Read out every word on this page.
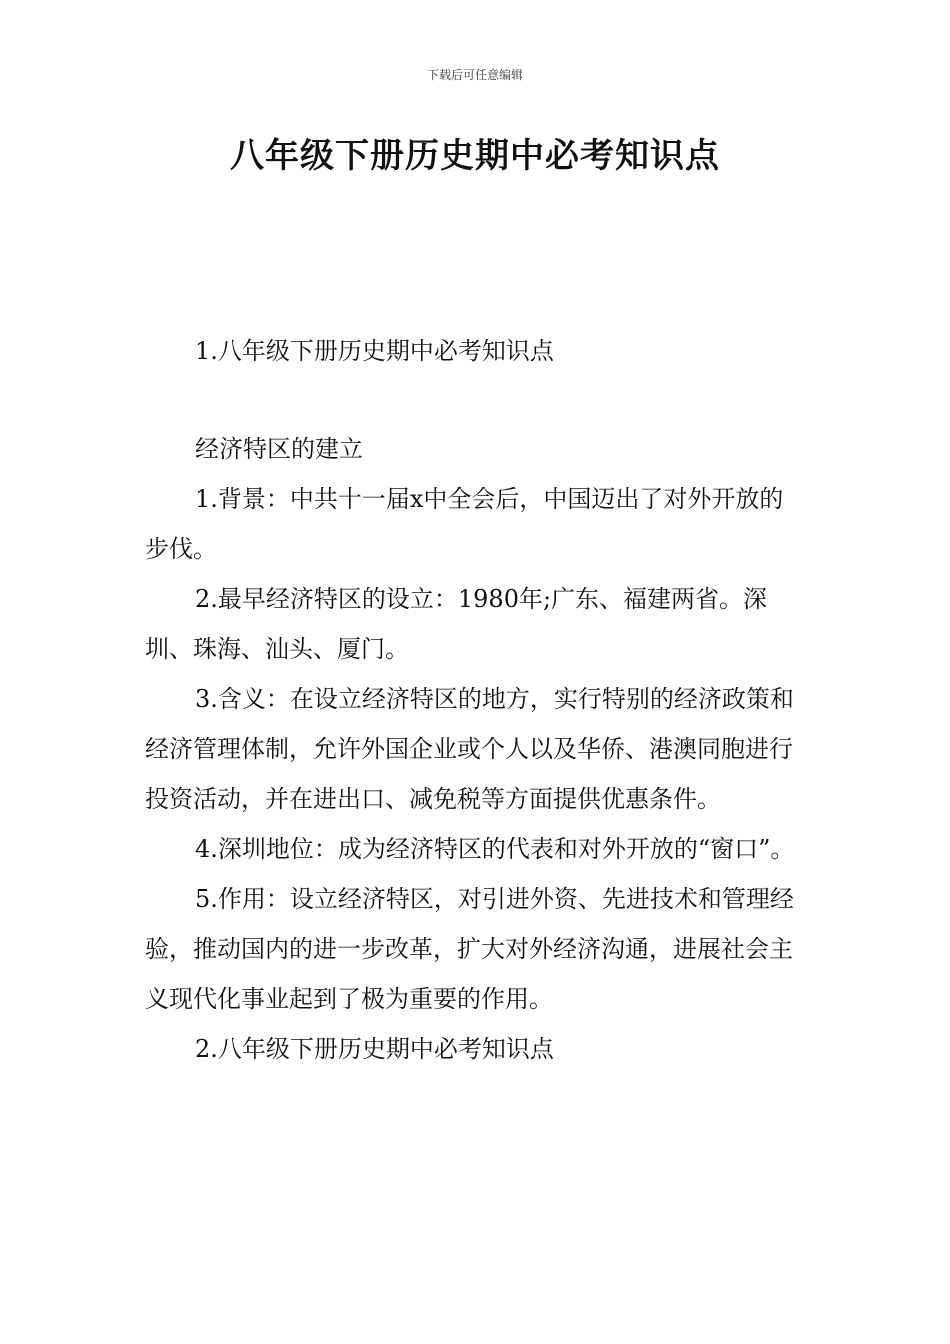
下载后可任意编辑
八年级下册历史期中必考知识点

1.八年级下册历史期中必考知识点

经济特区的建立

1.背景：中共十一届x中全会后，中国迈出了对外开放的步伐。

2.最早经济特区的设立：1980年;广东、福建两省。深圳、珠海、汕头、厦门。

3.含义：在设立经济特区的地方，实行特别的经济政策和经济管理体制，允许外国企业或个人以及华侨、港澳同胞进行投资活动，并在进出口、减免税等方面提供优惠条件。

4.深圳地位：成为经济特区的代表和对外开放的“窗口”。

5.作用：设立经济特区，对引进外资、先进技术和管理经验，推动国内的进一步改革，扩大对外经济沟通，进展社会主义现代化事业起到了极为重要的作用。

2.八年级下册历史期中必考知识点
